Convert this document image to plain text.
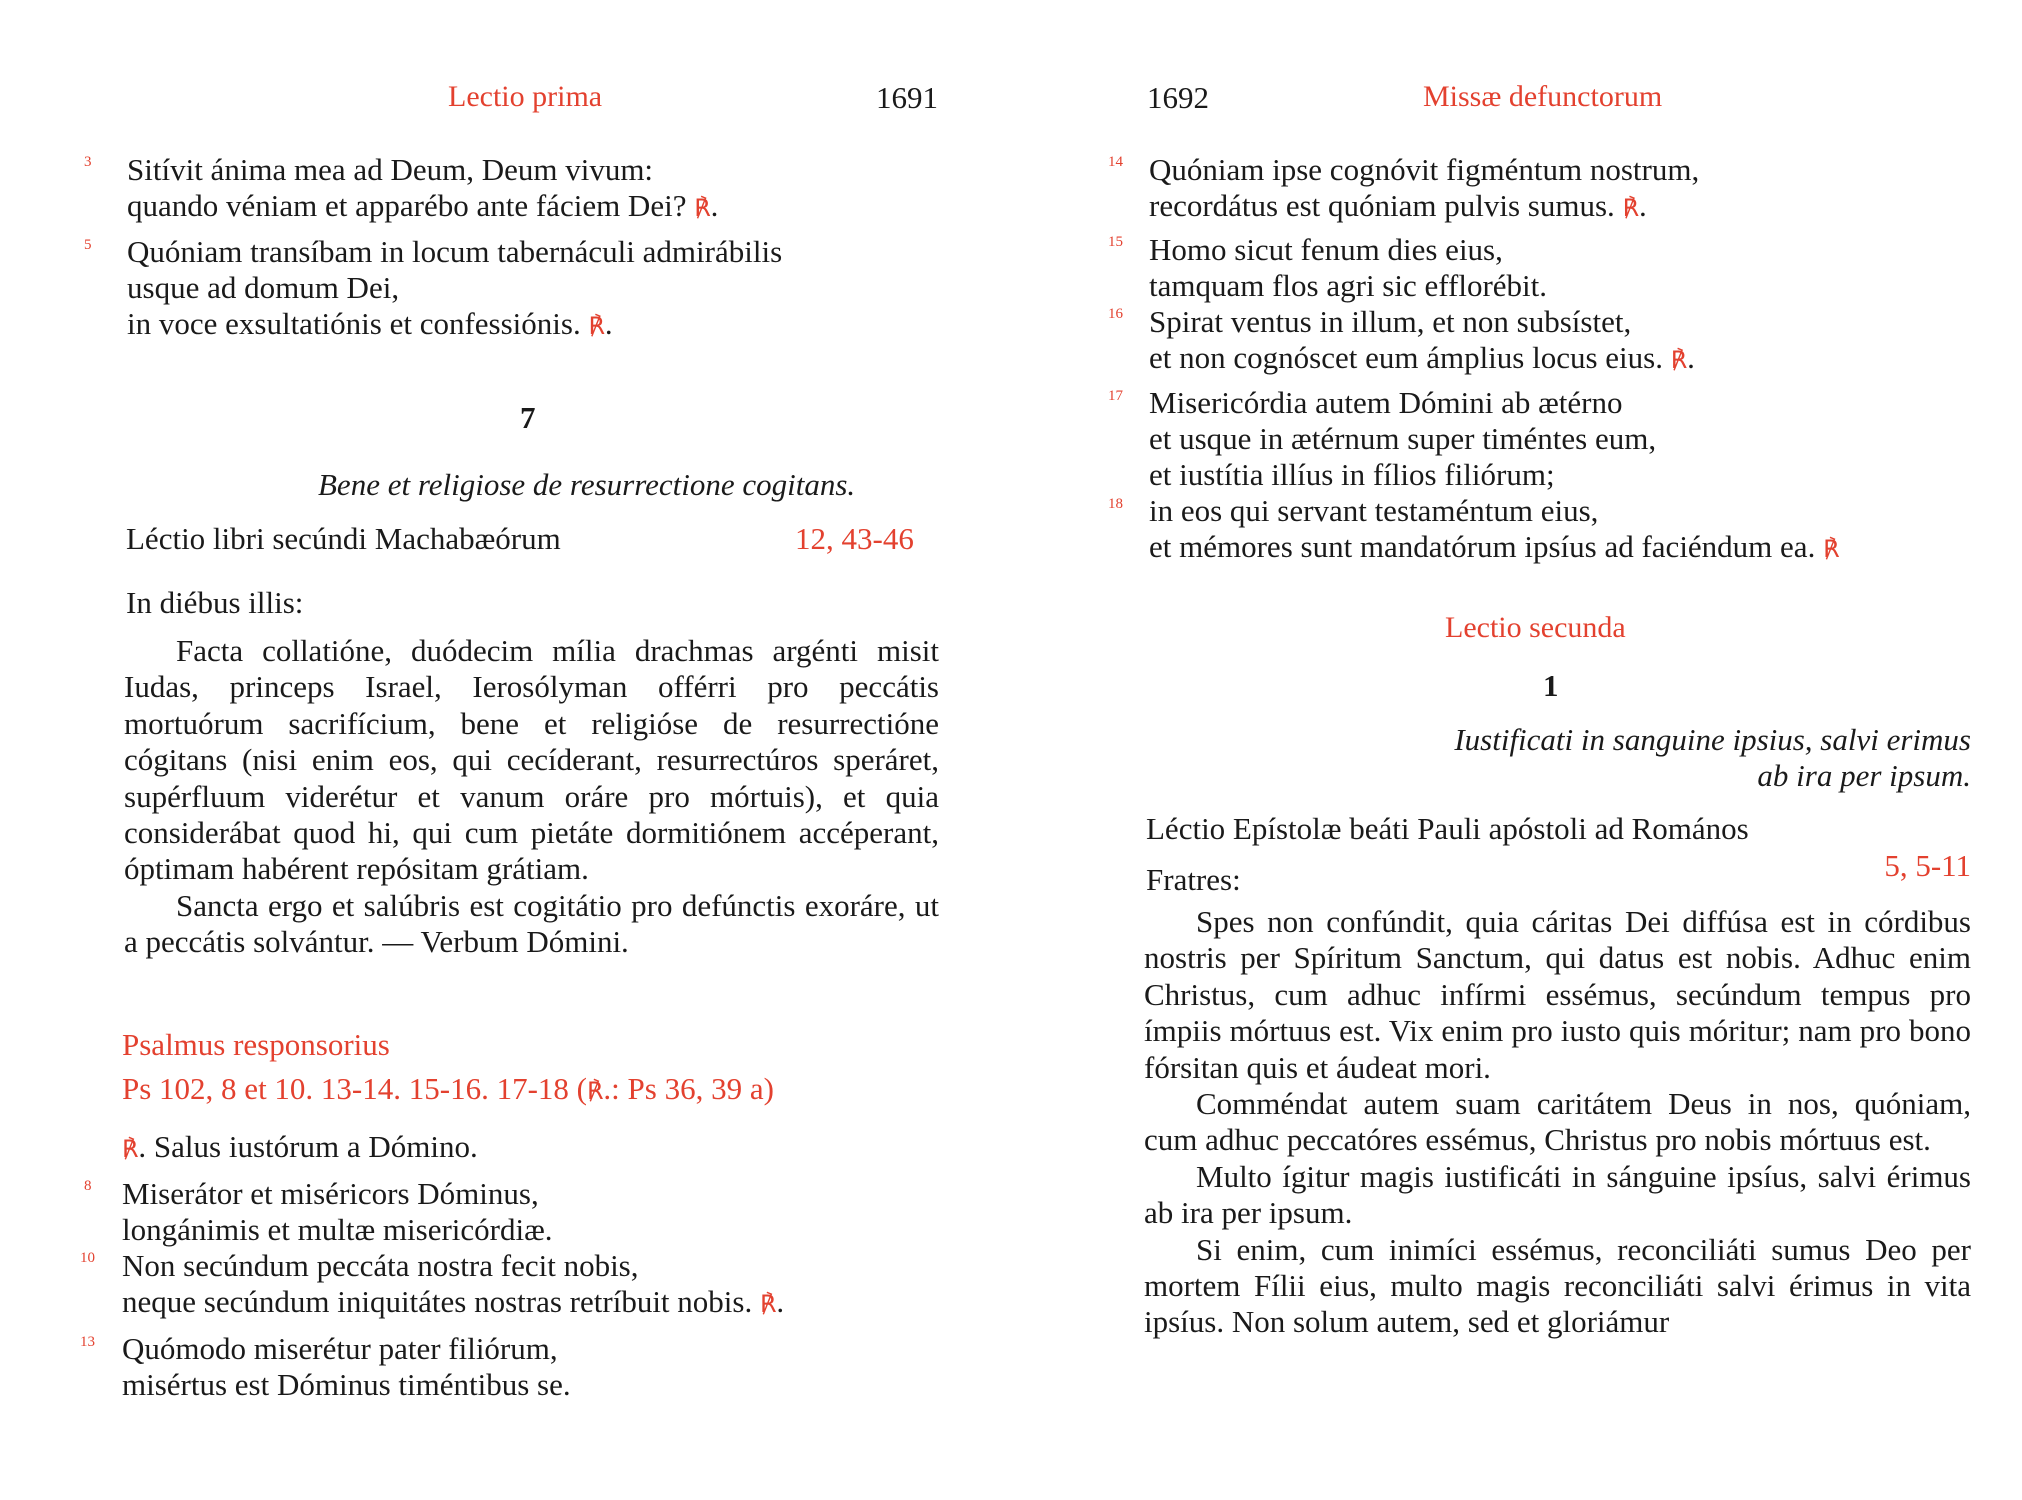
Lectio prima	1691
3 Sitívit ánima mea ad Deum, Deum vivum:
quando véniam et apparébo ante fáciem Dei? ℟.
5 Quóniam transíbam in locum tabernáculi admirábilis
usque ad domum Dei,
in voce exsultatiónis et confessiónis. ℟.
7
Bene et religiose de resurrectione cogitans.
Léctio libri secúndi Machabæórum	12, 43-46
In diébus illis:

Facta collatióne, duódecim mília drachmas argénti misit Iudas, princeps Israel, Ierosólyman offérri pro peccátis mortuórum sacrifícium, bene et religióse de resurrectióne cógitans (nisi enim eos, qui cecíderant, resurrectúros speráret, supérfluum viderétur et vanum oráre pro mórtuis), et quia considerábat quod hi, qui cum pietáte dormitiónem accéperant, óptimam habérent repósitam grátiam.

Sancta ergo et salúbris est cogitátio pro defúnctis exoráre, ut a peccátis solvántur. — Verbum Dómini.

Psalmus responsorius
Ps 102, 8 et 10. 13-14. 15-16. 17-18 (℟.: Ps 36, 39 a)
℟. Salus iustórum a Dómino.
8 Miserátor et miséricors Dóminus,
longánimis et multæ misericórdiæ.
10 Non secúndum peccáta nostra fecit nobis,
neque secúndum iniquitátes nostras retríbuit nobis. ℟.
13 Quómodo miserétur pater filiórum,
misértus est Dóminus timéntibus se.
1692	Missæ defunctorum
14 Quóniam ipse cognóvit figméntum nostrum,
recordátus est quóniam pulvis sumus. ℟.
15 Homo sicut fenum dies eius,
tamquam flos agri sic efflorébit.
16 Spirat ventus in illum, et non subsístet,
et non cognóscet eum ámplius locus eius. ℟.
17 Misericórdia autem Dómini ab ætérno
et usque in ætérnum super timéntes eum,
et iustítia illíus in fílios filiórum;
18 in eos qui servant testaméntum eius,
et mémores sunt mandatórum ipsíus ad faciéndum ea. ℟
Lectio secunda
1
Iustificati in sanguine ipsius, salvi erimus
ab ira per ipsum.
Léctio Epístolæ beáti Pauli apóstoli ad Romános
5, 5-11
Fratres:

Spes non confúndit, quia cáritas Dei diffúsa est in córdibus nostris per Spíritum Sanctum, qui datus est nobis. Adhuc enim Christus, cum adhuc infírmi essémus, secúndum tempus pro ímpiis mórtuus est. Vix enim pro iusto quis móritur; nam pro bono fórsitan quis et áudeat mori.

Comméndat autem suam caritátem Deus in nos, quóniam, cum adhuc peccatóres essémus, Christus pro nobis mórtuus est.

Multo ígitur magis iustificáti in sánguine ipsíus, salvi érimus ab ira per ipsum.

Si enim, cum inimíci essémus, reconciliáti sumus Deo per mortem Fílii eius, multo magis reconciliáti salvi érimus in vita ipsíus. Non solum autem, sed et gloriámur
